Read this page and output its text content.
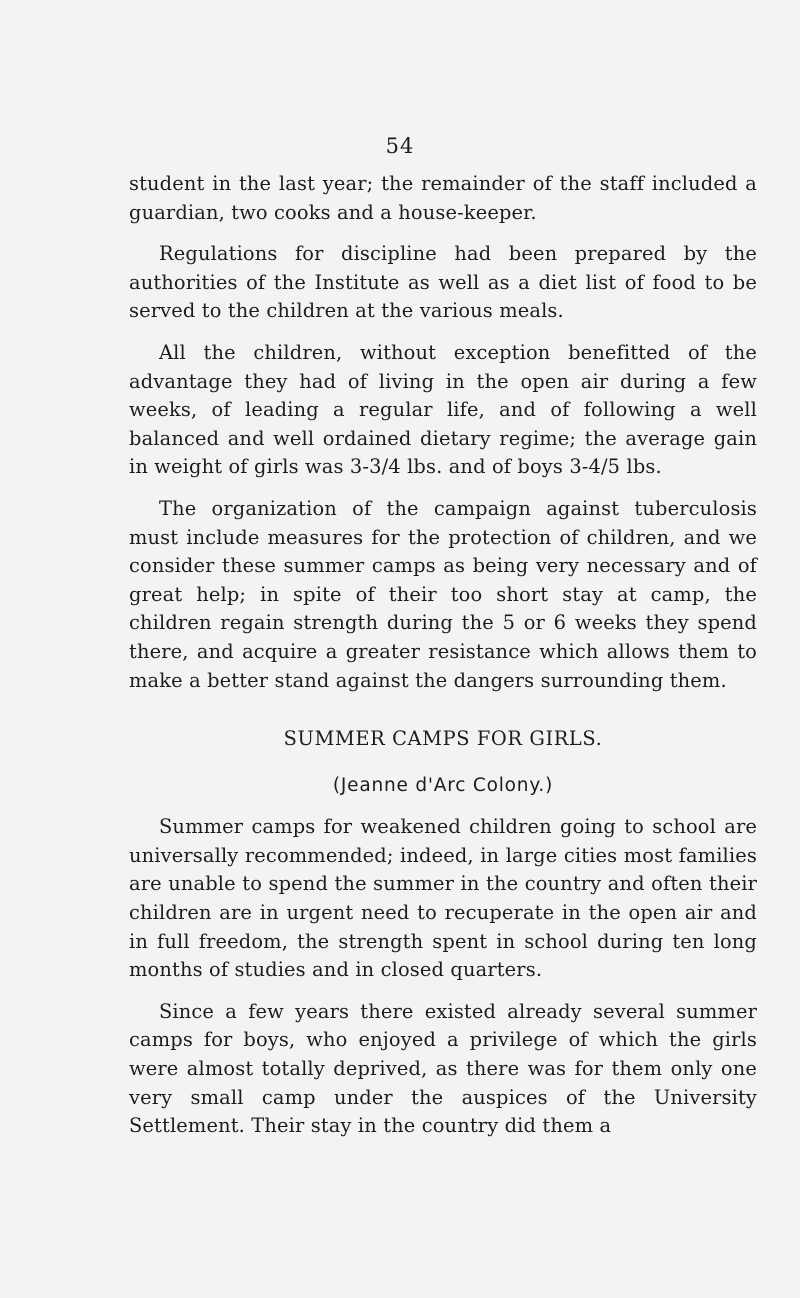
54

student in the last year; the remainder of the staff included a guardian, two cooks and a house-keeper.

Regulations for discipline had been prepared by the authorities of the Institute as well as a diet list of food to be served to the children at the various meals.

All the children, without exception benefitted of the advantage they had of living in the open air during a few weeks, of leading a regular life, and of following a well balanced and well ordained dietary regime; the average gain in weight of girls was 3-3/4 lbs. and of boys 3-4/5 lbs.

The organization of the campaign against tuberculosis must include measures for the protection of children, and we consider these summer camps as being very necessary and of great help; in spite of their too short stay at camp, the children regain strength during the 5 or 6 weeks they spend there, and acquire a greater resistance which allows them to make a better stand against the dangers surrounding them.

SUMMER CAMPS FOR GIRLS.
(Jeanne d'Arc Colony.)

Summer camps for weakened children going to school are universally recommended; indeed, in large cities most families are unable to spend the summer in the country and often their children are in urgent need to recuperate in the open air and in full freedom, the strength spent in school during ten long months of studies and in closed quarters.

Since a few years there existed already several summer camps for boys, who enjoyed a privilege of which the girls were almost totally deprived, as there was for them only one very small camp under the auspices of the University Settlement. Their stay in the country did them a
